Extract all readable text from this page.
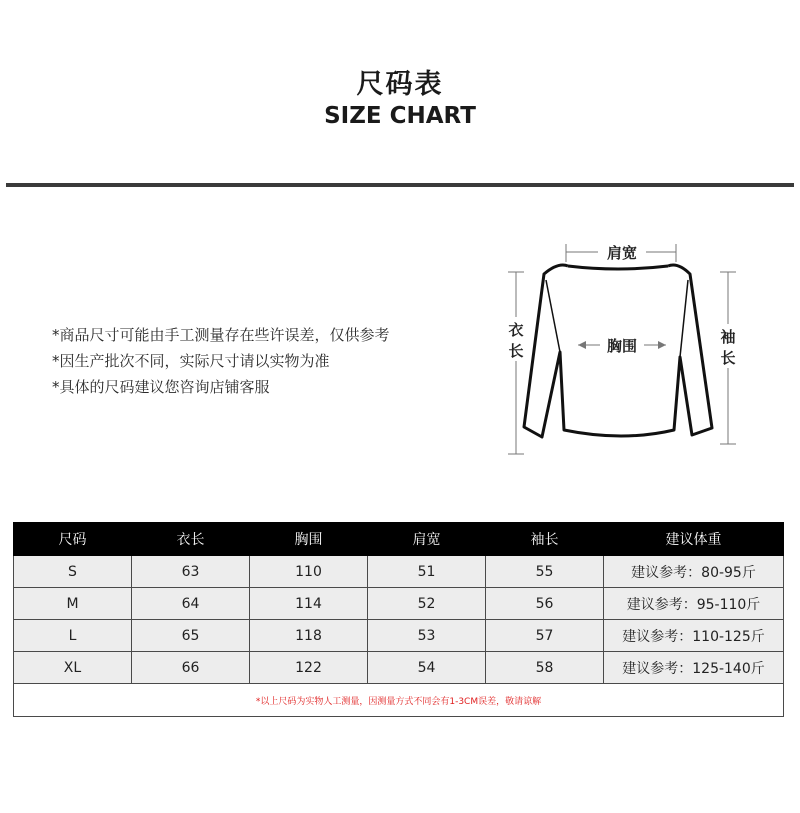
尺码表
SIZE CHART
*商品尺寸可能由手工测量存在些许误差，仅供参考
*因生产批次不同，实际尺寸请以实物为准
*具体的尺码建议您咨询店铺客服
肩宽
胸围
衣
长
袖
长
尺码	衣长	胸围	肩宽	袖长	建议体重
S	63	110	51	55	建议参考：80-95斤
M	64	114	52	56	建议参考：95-110斤
L	65	118	53	57	建议参考：110-125斤
XL	66	122	54	58	建议参考：125-140斤
*以上尺码为实物人工测量，因测量方式不同会有1-3CM误差，敬请谅解					
